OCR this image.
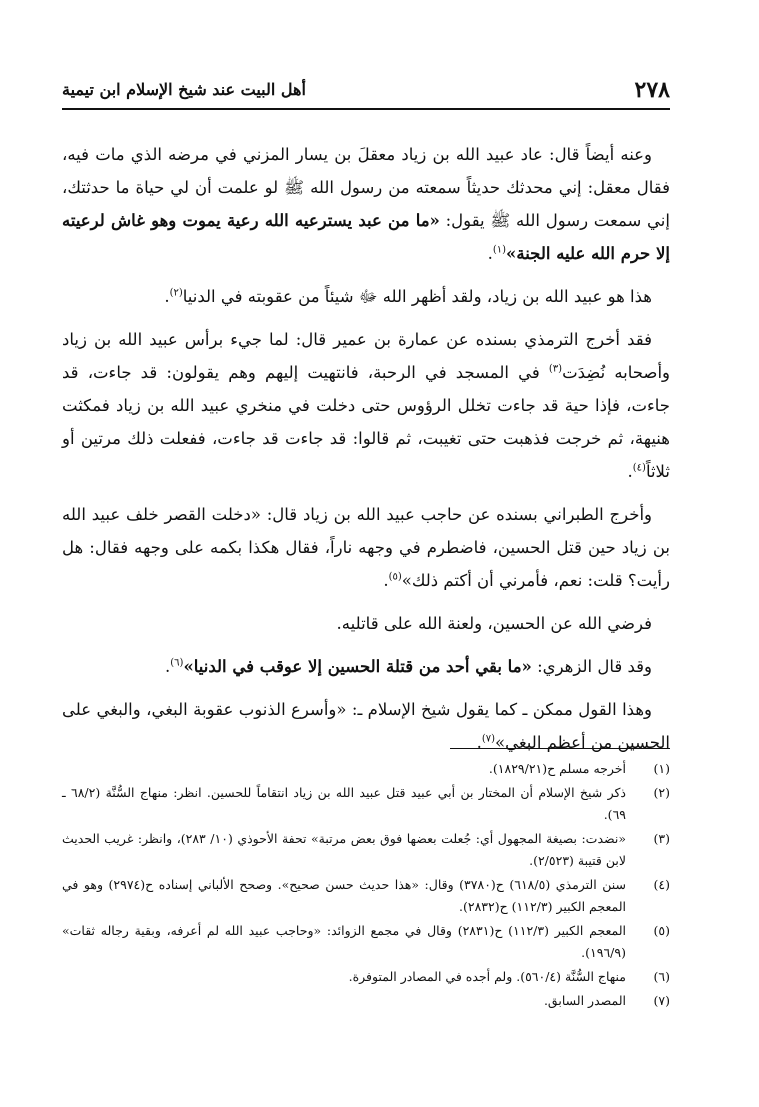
٢٧٨
أهل البيت عند شيخ الإسلام ابن تيمية

وعنه أيضاً قال: عاد عبيد الله بن زياد معقلَ بن يسار المزني في مرضه الذي مات فيه، فقال معقل: إني محدثك حديثاً سمعته من رسول الله ﷺ لو علمت أن لي حياة ما حدثتك، إني سمعت رسول الله ﷺ يقول: «ما من عبد يسترعيه الله رعية يموت وهو غاش لرعيته إلا حرم الله عليه الجنة»$^{(١)}$.

هذا هو عبيد الله بن زياد، ولقد أظهر الله ﷻ شيئاً من عقوبته في الدنيا$^{(٢)}$.

فقد أخرج الترمذي بسنده عن عمارة بن عمير قال: لما جيء برأس عبيد الله بن زياد وأصحابه نُضِدَت$^{(٣)}$ في المسجد في الرحبة، فانتهيت إليهم وهم يقولون: قد جاءت، قد جاءت، فإذا حية قد جاءت تخلل الرؤوس حتى دخلت في منخري عبيد الله بن زياد فمكثت هنيهة، ثم خرجت فذهبت حتى تغيبت، ثم قالوا: قد جاءت قد جاءت، ففعلت ذلك مرتين أو ثلاثاً$^{(٤)}$.

وأخرج الطبراني بسنده عن حاجب عبيد الله بن زياد قال: «دخلت القصر خلف عبيد الله بن زياد حين قتل الحسين، فاضطرم في وجهه ناراً، فقال هكذا بكمه على وجهه فقال: هل رأيت؟ قلت: نعم، فأمرني أن أكتم ذلك»$^{(٥)}$.

فرضي الله عن الحسين، ولعنة الله على قاتليه.

وقد قال الزهري: «ما بقي أحد من قتلة الحسين إلا عوقب في الدنيا»$^{(٦)}$.

وهذا القول ممكن ـ كما يقول شيخ الإسلام ـ: «وأسرع الذنوب عقوبة البغي، والبغي على الحسين من أعظم البغي»$^{(٧)}$.

(١)
أخرجه مسلم ح(١٨٢٩/٢١).
(٢)
ذكر شيخ الإسلام أن المختار بن أبي عبيد قتل عبيد الله بن زياد انتقاماً للحسين. انظر: منهاج السُّنَّة (٦٨/٢ ـ ٦٩).
(٣)
«نضدت: بصيغة المجهول أي: جُعلت بعضها فوق بعض مرتبة» تحفة الأحوذي (١٠/ ٢٨٣)، وانظر: غريب الحديث لابن قتيبة (٢/٥٢٣).
(٤)
سنن الترمذي (٦١٨/٥) ح(٣٧٨٠) وقال: «هذا حديث حسن صحيح». وصحح الألباني إسناده ح(٢٩٧٤) وهو في المعجم الكبير (١١٢/٣) ح(٢٨٣٢).
(٥)
المعجم الكبير (١١٢/٣) ح(٢٨٣١) وقال في مجمع الزوائد: «وحاجب عبيد الله لم أعرفه، وبقية رجاله ثقات» (١٩٦/٩).
(٦)
منهاج السُّنَّة (٥٦٠/٤). ولم أجده في المصادر المتوفرة.
(٧)
المصدر السابق.
